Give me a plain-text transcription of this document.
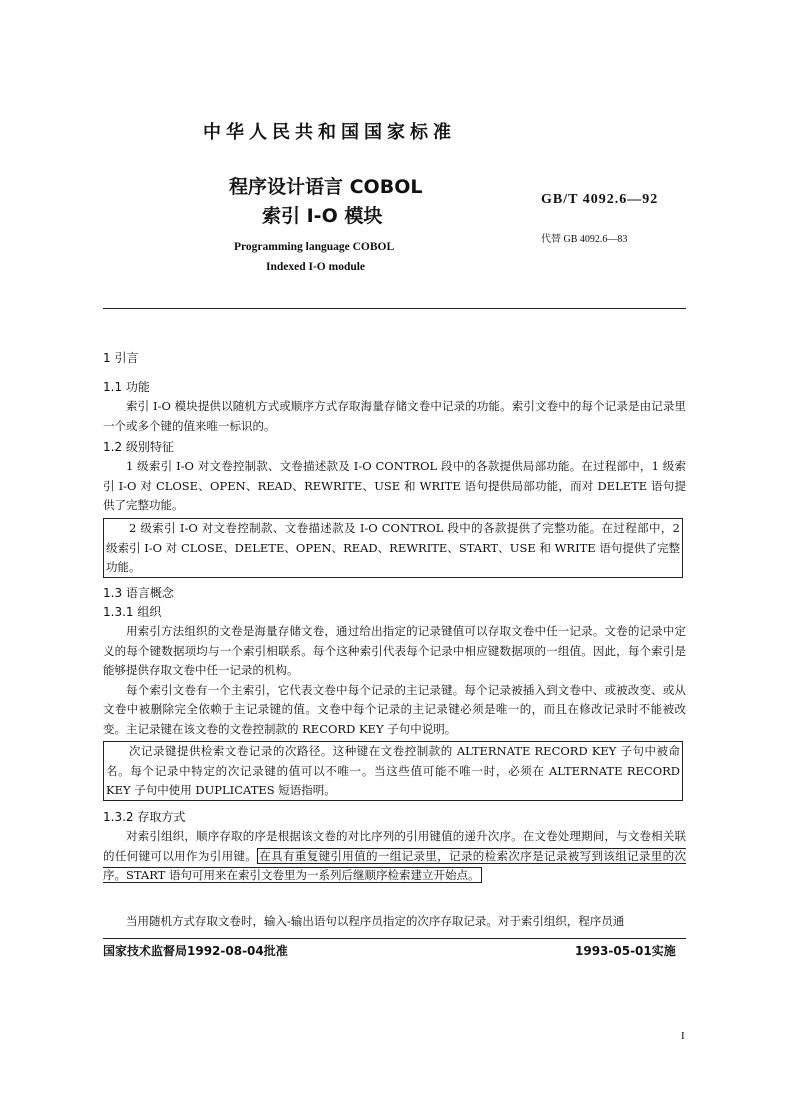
中华人民共和国国家标准
程序设计语言 COBOL
索引 I-O 模块
GB/T 4092.6—92
代替 GB 4092.6—83
Programming language COBOL
Indexed I-O module
1 引言
1.1 功能

索引 I-O 模块提供以随机方式或顺序方式存取海量存储文卷中记录的功能。索引文卷中的每个记录是由记录里一个或多个键的值来唯一标识的。

1.2 级别特征

1 级索引 I-O 对文卷控制款、文卷描述款及 I-O CONTROL 段中的各款提供局部功能。在过程部中，1 级索引 I-O 对 CLOSE、OPEN、READ、REWRITE、USE 和 WRITE 语句提供局部功能，而对 DELETE 语句提供了完整功能。

2 级索引 I-O 对文卷控制款、文卷描述款及 I-O CONTROL 段中的各款提供了完整功能。在过程部中，2 级索引 I-O 对 CLOSE、DELETE、OPEN、READ、REWRITE、START、USE 和 WRITE 语句提供了完整功能。
1.3 语言概念
1.3.1 组织

用索引方法组织的文卷是海量存储文卷，通过给出指定的记录键值可以存取文卷中任一记录。文卷的记录中定义的每个键数据项均与一个索引相联系。每个这种索引代表每个记录中相应键数据项的一组值。因此，每个索引是能够提供存取文卷中任一记录的机构。

每个索引文卷有一个主索引，它代表文卷中每个记录的主记录键。每个记录被插入到文卷中、或被改变、或从文卷中被删除完全依赖于主记录键的值。文卷中每个记录的主记录键必须是唯一的，而且在修改记录时不能被改变。主记录键在该文卷的文卷控制款的 RECORD KEY 子句中说明。

次记录键提供检索文卷记录的次路径。这种键在文卷控制款的 ALTERNATE RECORD KEY 子句中被命名。每个记录中特定的次记录键的值可以不唯一。当这些值可能不唯一时，必须在 ALTERNATE RECORD KEY 子句中使用 DUPLICATES 短语指明。
1.3.2 存取方式

对索引组织，顺序存取的序是根据该文卷的对比序列的引用键值的递升次序。在文卷处理期间，与文卷相关联的任何键可以用作为引用键。 在具有重复键引用值的一组记录里，记录的检索次序是记录被写到该组记录里的次序。START 语句可用来在索引文卷里为一系列后继顺序检索建立开始点。

当用随机方式存取文卷时，输入-输出语句以程序员指定的次序存取记录。对于索引组织，程序员通

国家技术监督局1992-08-04批准	1993-05-01实施
I
